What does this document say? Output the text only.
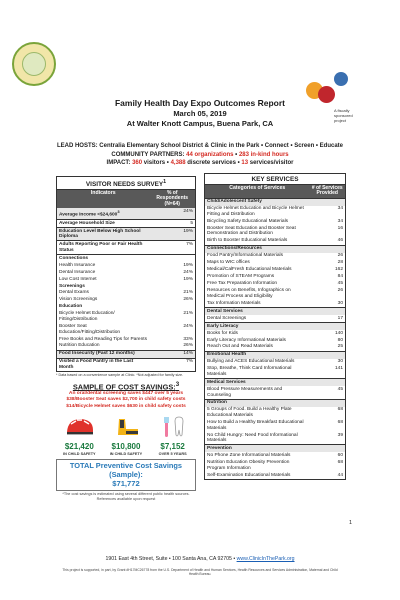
A fiscally sponsored project
Family Health Day Expo Outcomes Report
March 05, 2019
At Walter Knott Campus, Buena Park, CA
LEAD HOSTS: Centralia Elementary School District & Clinic in the Park • Connect • Screen • Educate
COMMUNITY PARTNERS: 44 organizations • 283 in-kind hours
IMPACT: 360 visitors • 4,388 discrete services • 13 services/visitor
VISITOR NEEDS SURVEY$^1$
Indicators	% of Respondents (N=64)
Average Income $<\$24,600^3$	24%
Average Household Size	5
Education Level Below High School Diploma	19%
Adults Reporting Poor or Fair Health Status	7%
Connections	
Health Insurance	19%
Dental Insurance	24%
Low Cost Internet	19%
Screenings	
Dental Exams	21%
Vision Screenings	26%
Education	
Bicycle Helmet Education/ Fitting/Distribution	21%
Booster Seat Education/Fitting/Distribution	24%
Free Books and Reading Tips for Parents	33%
Nutrition Education	26%
Food Insecurity (Past 12 months)	14%
Visited a Food Pantry in the Last Month	7%
* Data based on a convenience sample at Clinic. *Not adjusted for family size.
SAMPLE OF COST SAVINGS:$^3$
An oral/dental screening saves $447 over 5 years
$38/Booster Seat saves $2,700 in child safety costs
$14/Bicycle Helmet saves $630 in child safety costs
$21,420
IN CHILD SAFETY
$10,800
IN CHILD SAFETY
$7,152
OVER 5 YEARS
TOTAL Preventive Cost Savings (Sample):
$71,772
*The cost savings is estimated using several different public health sources. References available upon request
KEY SERVICES
Categories of Services	# of Services Provided
Child/Adolescent Safety	
Bicycle Helmet Education and Bicycle Helmet Fitting and Distribution	34
Bicycling Safety Educational Materials	34
Booster Seat Education and Booster Seat Demonstration and Distribution	16
Birth to Booster Educational Materials	46
Connections/Resources	
Food Pantry/Informational Materials	26
Maps to WIC offices	28
Medical/CalFresh Educational Materials	162
Promotion of STEAM Programs	84
Free Tax Preparation Information	45
Resources on Benefits, Infographics on MediCal Process and Eligibility	26
Tax Information Materials	30
Dental Services	
Dental Screenings	17
Early Literacy	
Books for Kids	140
Early Literacy Informational Materials	80
Reach Out and Read Materials	25
Emotional Health	
Bullying and ACES Educational Materials	30
Stop, Breathe, Think Card Informational Materials	141
Medical Services	
Blood Pressure Measurements and Counseling	45
Nutrition	
5 Groups of Food. Build a Healthy Plate Educational Materials	68
How to Build a Healthy Breakfast Educational Materials	68
No Child Hungry: Need Food Informational Materials	39
Prevention	
No Phone Zone Informational Materials	60
Nutrition Education Obesity Prevention Program Information	68
Self-Examination Educational Materials	44
1
1901 East 4th Street, Suite • 100 Santa Ana, CA 92705 • www.ClinicInThePark.org
This project is supported, in part, by Grant #H17MC26778 from the U.S. Department of Health and Human Services, Health Resources and Services Administration, Maternal and Child Health Bureau.
